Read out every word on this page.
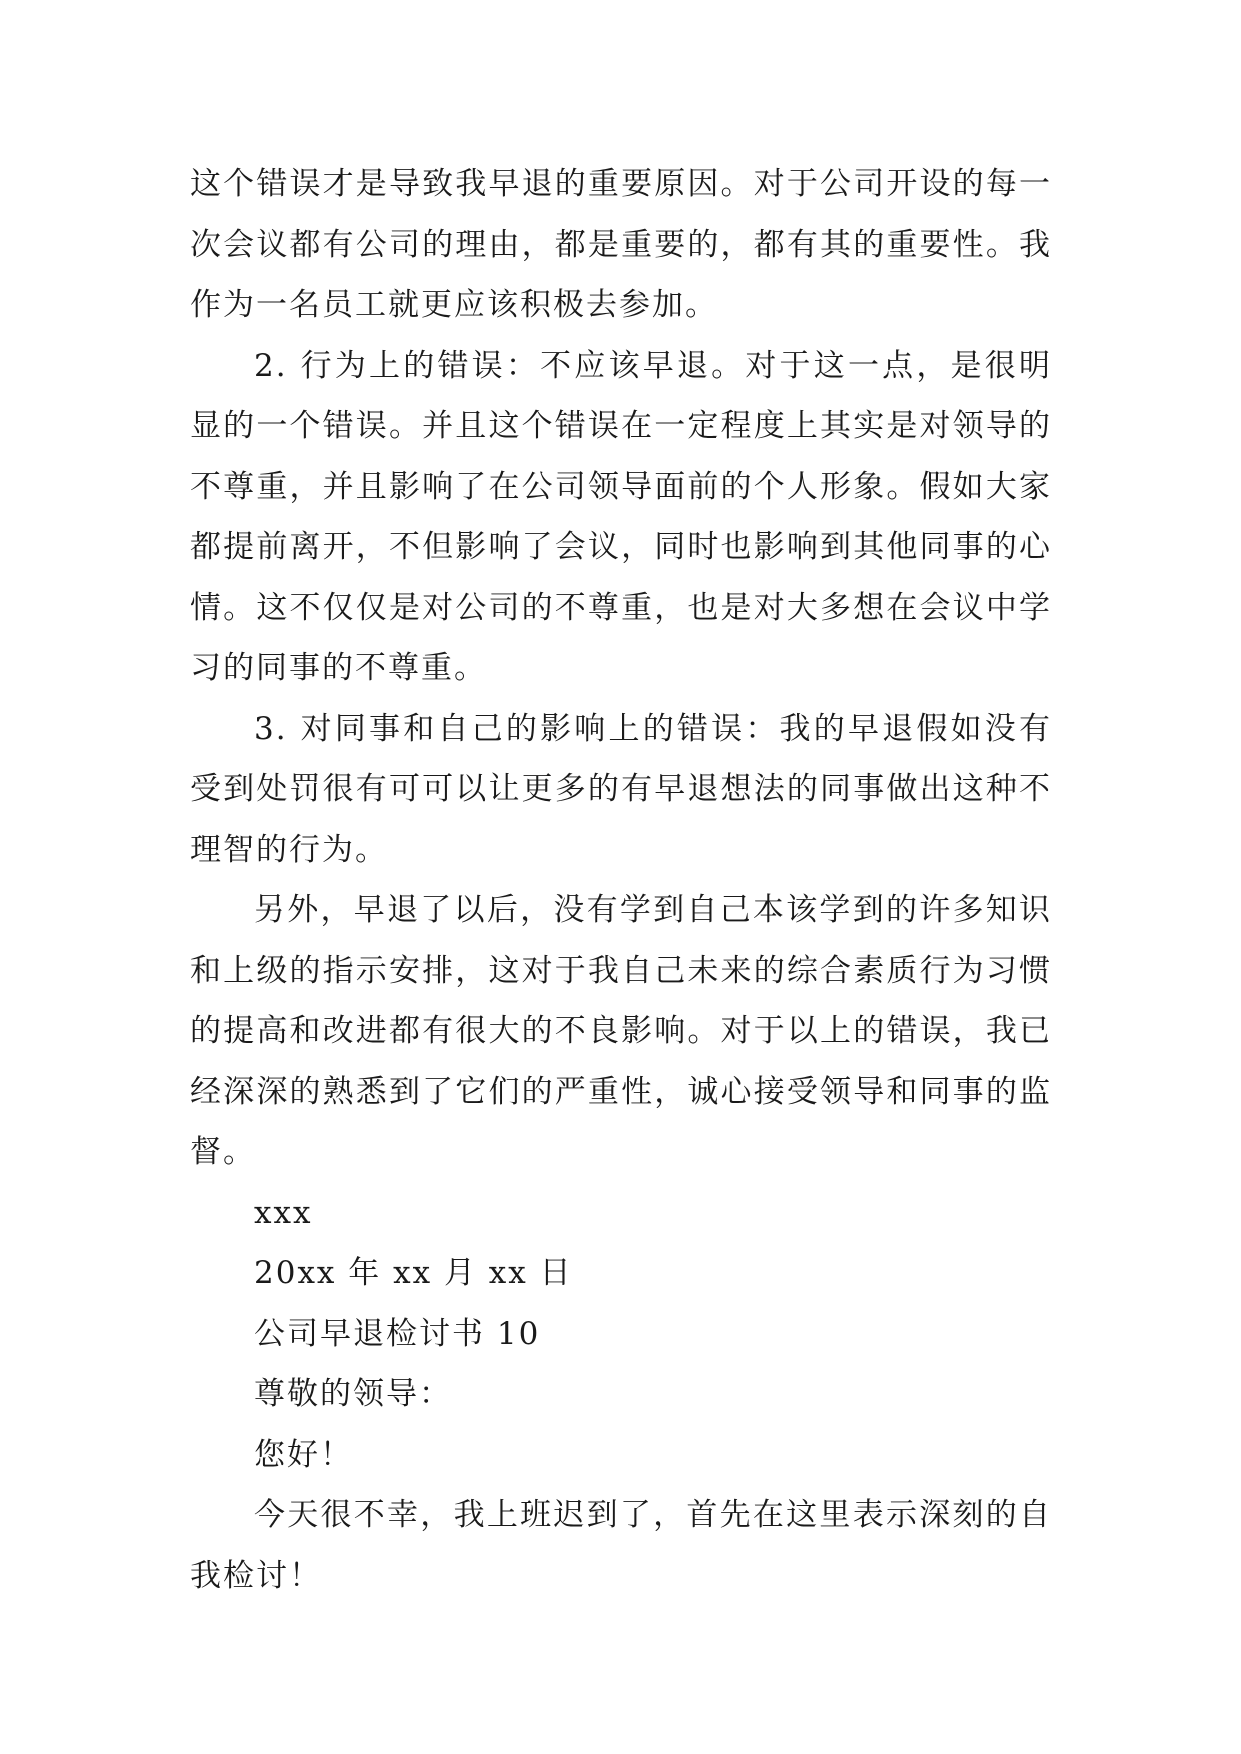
这个错误才是导致我早退的重要原因。对于公司开设的每一次会议都有公司的理由，都是重要的，都有其的重要性。我作为一名员工就更应该积极去参加。

2. 行为上的错误：不应该早退。对于这一点，是很明显的一个错误。并且这个错误在一定程度上其实是对领导的不尊重，并且影响了在公司领导面前的个人形象。假如大家都提前离开，不但影响了会议，同时也影响到其他同事的心情。这不仅仅是对公司的不尊重，也是对大多想在会议中学习的同事的不尊重。

3. 对同事和自己的影响上的错误：我的早退假如没有受到处罚很有可可以让更多的有早退想法的同事做出这种不理智的行为。

另外，早退了以后，没有学到自己本该学到的许多知识和上级的指示安排，这对于我自己未来的综合素质行为习惯的提高和改进都有很大的不良影响。对于以上的错误，我已经深深的熟悉到了它们的严重性，诚心接受领导和同事的监督。

xxx

20xx 年 xx 月 xx 日

公司早退检讨书 10

尊敬的领导：

您好！

今天很不幸，我上班迟到了，首先在这里表示深刻的自我检讨！
